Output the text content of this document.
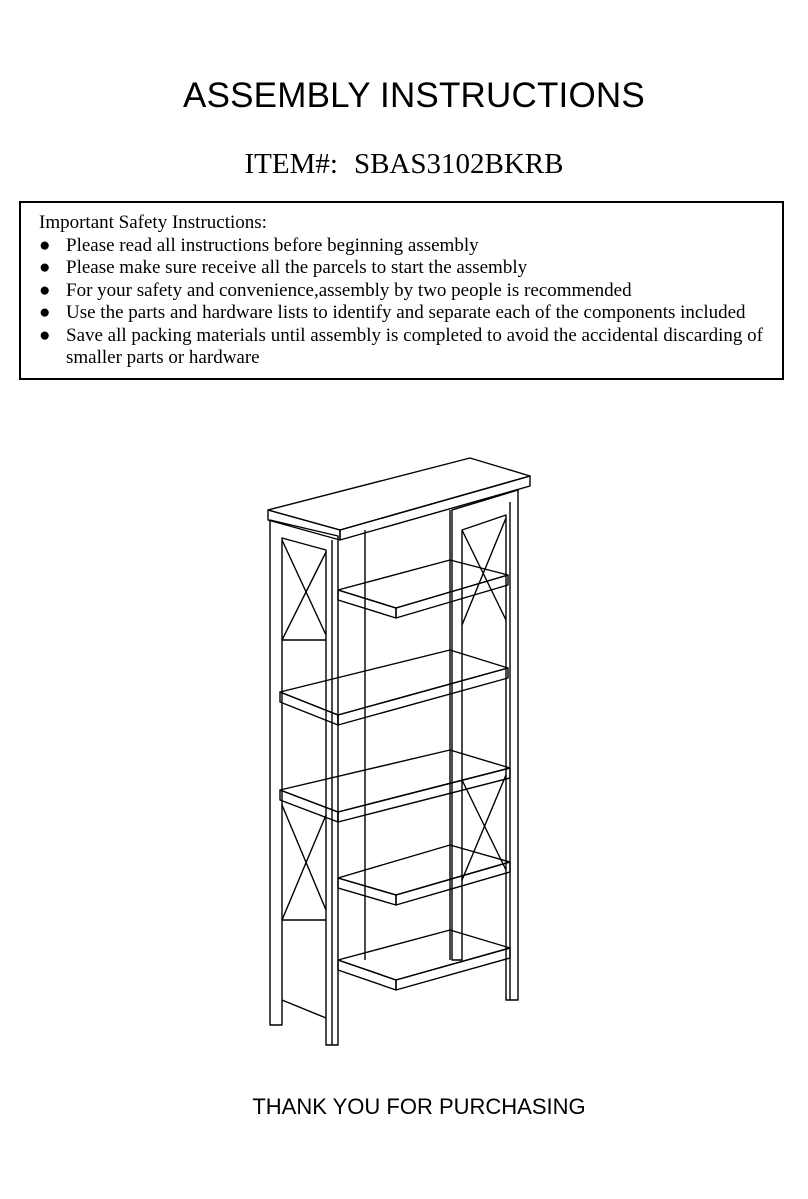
ASSEMBLY INSTRUCTIONS
ITEM#: SBAS3102BKRB

Important Safety Instructions:

● Please read all instructions before beginning assembly
● Please make sure receive all the parcels to start the assembly
● For your safety and convenience,assembly by two people is recommended
● Use the parts and hardware lists to identify and separate each of the components included
● Save all packing materials until assembly is completed to avoid the accidental discarding of smaller parts or hardware
THANK YOU FOR PURCHASING
